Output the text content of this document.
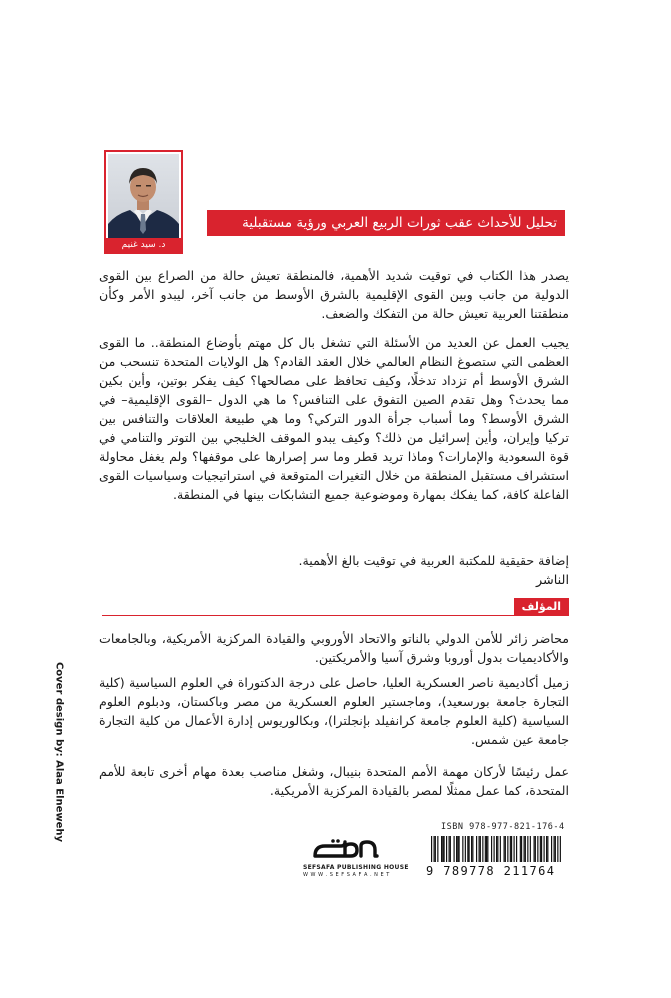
د. سيد غنيم
تحليل للأحداث عقب ثورات الربيع العربي ورؤية مستقبلية

يصدر هذا الكتاب في توقيت شديد الأهمية، فالمنطقة تعيش حالة من الصراع بين القوى الدولية من جانب وبين القوى الإقليمية بالشرق الأوسط من جانب آخر، ليبدو الأمر وكأن منطقتنا العربية تعيش حالة من التفكك والضعف.

يجيب العمل عن العديد من الأسئلة التي تشغل بال كل مهتم بأوضاع المنطقة.. ما القوى العظمى التي ستصوغ النظام العالمي خلال العقد القادم؟ هل الولايات المتحدة تنسحب من الشرق الأوسط أم تزداد تدخلًا، وكيف تحافظ على مصالحها؟ كيف يفكر بوتين، وأين بكين مما يحدث؟ وهل تقدم الصين التفوق على التنافس؟ ما هي الدول –القوى الإقليمية– في الشرق الأوسط؟ وما أسباب جرأة الدور التركي؟ وما هي طبيعة العلاقات والتنافس بين تركيا وإيران، وأين إسرائيل من ذلك؟ وكيف يبدو الموقف الخليجي بين التوتر والتنامي في قوة السعودية والإمارات؟ وماذا تريد قطر وما سر إصرارها على موقفها؟ ولم يغفل محاولة استشراف مستقبل المنطقة من خلال التغيرات المتوقعة في استراتيجيات وسياسيات القوى الفاعلة كافة، كما يفكك بمهارة وموضوعية جميع التشابكات بينها في المنطقة.

إضافة حقيقية للمكتبة العربية في توقيت بالغ الأهمية.

الناشر

المؤلف

محاضر زائر للأمن الدولي بالناتو والاتحاد الأوروبي والقيادة المركزية الأمريكية، وبالجامعات والأكاديميات بدول أوروبا وشرق آسيا والأمريكتين.

زميل أكاديمية ناصر العسكرية العليا، حاصل على درجة الدكتوراة في العلوم السياسية (كلية التجارة جامعة بورسعيد)، وماجستير العلوم العسكرية من مصر وباكستان، ودبلوم العلوم السياسية (كلية العلوم جامعة كرانفيلد بإنجلترا)، وبكالوريوس إدارة الأعمال من كلية التجارة جامعة عين شمس.

عمل رئيسًا لأركان مهمة الأمم المتحدة بنيبال، وشغل مناصب بعدة مهام أخرى تابعة للأمم المتحدة، كما عمل ممثلًا لمصر بالقيادة المركزية الأمريكية.

Cover design by: Alaa Elnewehy
SEFSAFA PUBLISHING HOUSE
W W W . S E F S A F A . N E T
ISBN 978-977-821-176-4
9 789778 211764
